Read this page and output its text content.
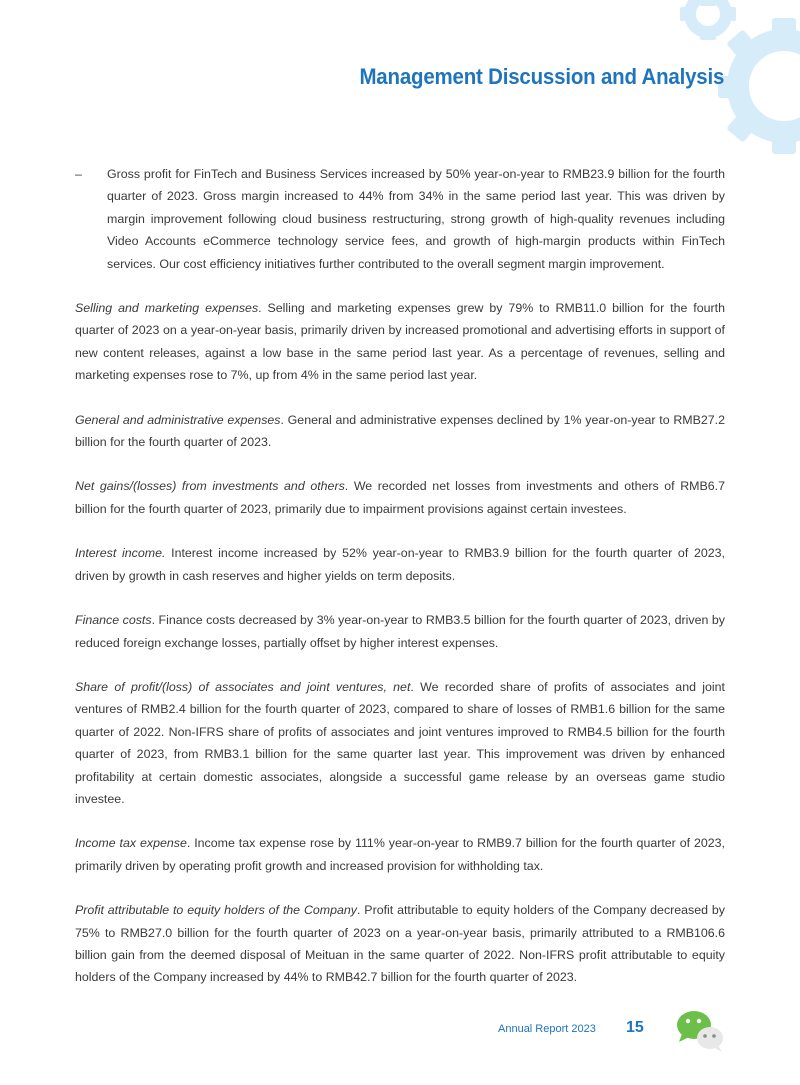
Management Discussion and Analysis
– Gross profit for FinTech and Business Services increased by 50% year-on-year to RMB23.9 billion for the fourth quarter of 2023. Gross margin increased to 44% from 34% in the same period last year. This was driven by margin improvement following cloud business restructuring, strong growth of high-quality revenues including Video Accounts eCommerce technology service fees, and growth of high-margin products within FinTech services. Our cost efficiency initiatives further contributed to the overall segment margin improvement.

Selling and marketing expenses. Selling and marketing expenses grew by 79% to RMB11.0 billion for the fourth quarter of 2023 on a year-on-year basis, primarily driven by increased promotional and advertising efforts in support of new content releases, against a low base in the same period last year. As a percentage of revenues, selling and marketing expenses rose to 7%, up from 4% in the same period last year.

General and administrative expenses. General and administrative expenses declined by 1% year-on-year to RMB27.2 billion for the fourth quarter of 2023.

Net gains/(losses) from investments and others. We recorded net losses from investments and others of RMB6.7 billion for the fourth quarter of 2023, primarily due to impairment provisions against certain investees.

Interest income. Interest income increased by 52% year-on-year to RMB3.9 billion for the fourth quarter of 2023, driven by growth in cash reserves and higher yields on term deposits.

Finance costs. Finance costs decreased by 3% year-on-year to RMB3.5 billion for the fourth quarter of 2023, driven by reduced foreign exchange losses, partially offset by higher interest expenses.

Share of profit/(loss) of associates and joint ventures, net. We recorded share of profits of associates and joint ventures of RMB2.4 billion for the fourth quarter of 2023, compared to share of losses of RMB1.6 billion for the same quarter of 2022. Non-IFRS share of profits of associates and joint ventures improved to RMB4.5 billion for the fourth quarter of 2023, from RMB3.1 billion for the same quarter last year. This improvement was driven by enhanced profitability at certain domestic associates, alongside a successful game release by an overseas game studio investee.

Income tax expense. Income tax expense rose by 111% year-on-year to RMB9.7 billion for the fourth quarter of 2023, primarily driven by operating profit growth and increased provision for withholding tax.

Profit attributable to equity holders of the Company. Profit attributable to equity holders of the Company decreased by 75% to RMB27.0 billion for the fourth quarter of 2023 on a year-on-year basis, primarily attributed to a RMB106.6 billion gain from the deemed disposal of Meituan in the same quarter of 2022. Non-IFRS profit attributable to equity holders of the Company increased by 44% to RMB42.7 billion for the fourth quarter of 2023.

Annual Report 2023 15
